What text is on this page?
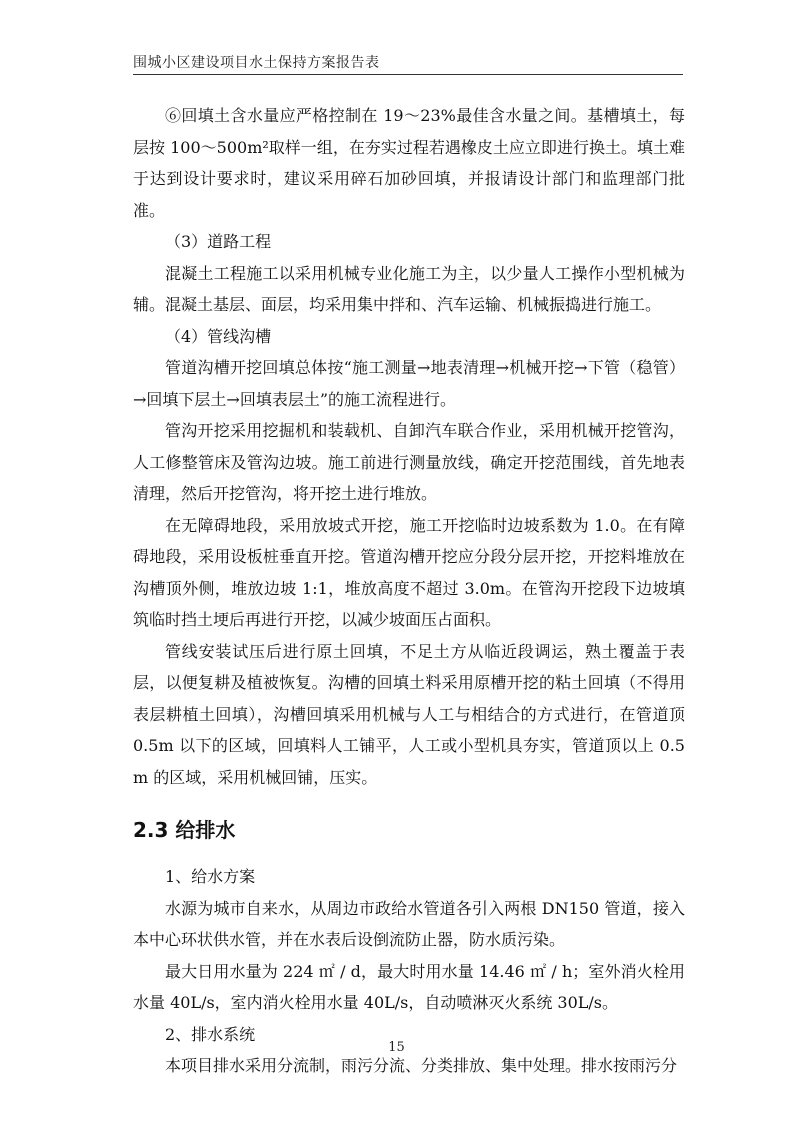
围城小区建设项目水土保持方案报告表

⑥回填土含水量应严格控制在 19～23%最佳含水量之间。基槽填土，每层按 100～500m²取样一组，在夯实过程若遇橡皮土应立即进行换土。填土难于达到设计要求时，建议采用碎石加砂回填，并报请设计部门和监理部门批准。

（3）道路工程

混凝土工程施工以采用机械专业化施工为主，以少量人工操作小型机械为辅。混凝土基层、面层，均采用集中拌和、汽车运输、机械振捣进行施工。

（4）管线沟槽

管道沟槽开挖回填总体按“施工测量→地表清理→机械开挖→下管（稳管）→回填下层土→回填表层土”的施工流程进行。

管沟开挖采用挖掘机和装载机、自卸汽车联合作业，采用机械开挖管沟，人工修整管床及管沟边坡。施工前进行测量放线，确定开挖范围线，首先地表清理，然后开挖管沟，将开挖土进行堆放。

在无障碍地段，采用放坡式开挖，施工开挖临时边坡系数为 1.0。在有障碍地段，采用设板桩垂直开挖。管道沟槽开挖应分段分层开挖，开挖料堆放在沟槽顶外侧，堆放边坡 1:1，堆放高度不超过 3.0m。在管沟开挖段下边坡填筑临时挡土埂后再进行开挖，以减少坡面压占面积。

管线安装试压后进行原土回填，不足土方从临近段调运，熟土覆盖于表层，以便复耕及植被恢复。沟槽的回填土料采用原槽开挖的粘土回填（不得用表层耕植土回填），沟槽回填采用机械与人工与相结合的方式进行，在管道顶 0.5m 以下的区域，回填料人工铺平，人工或小型机具夯实，管道顶以上 0.5m 的区域，采用机械回铺，压实。

2.3 给排水

1、给水方案

水源为城市自来水，从周边市政给水管道各引入两根 DN150 管道，接入本中心环状供水管，并在水表后设倒流防止器，防水质污染。

最大日用水量为 224 ㎡ / d，最大时用水量 14.46 ㎡ / h；室外消火栓用水量 40L/s，室内消火栓用水量 40L/s，自动喷淋灭火系统 30L/s。

2、排水系统

本项目排水采用分流制，雨污分流、分类排放、集中处理。排水按雨污分

15
